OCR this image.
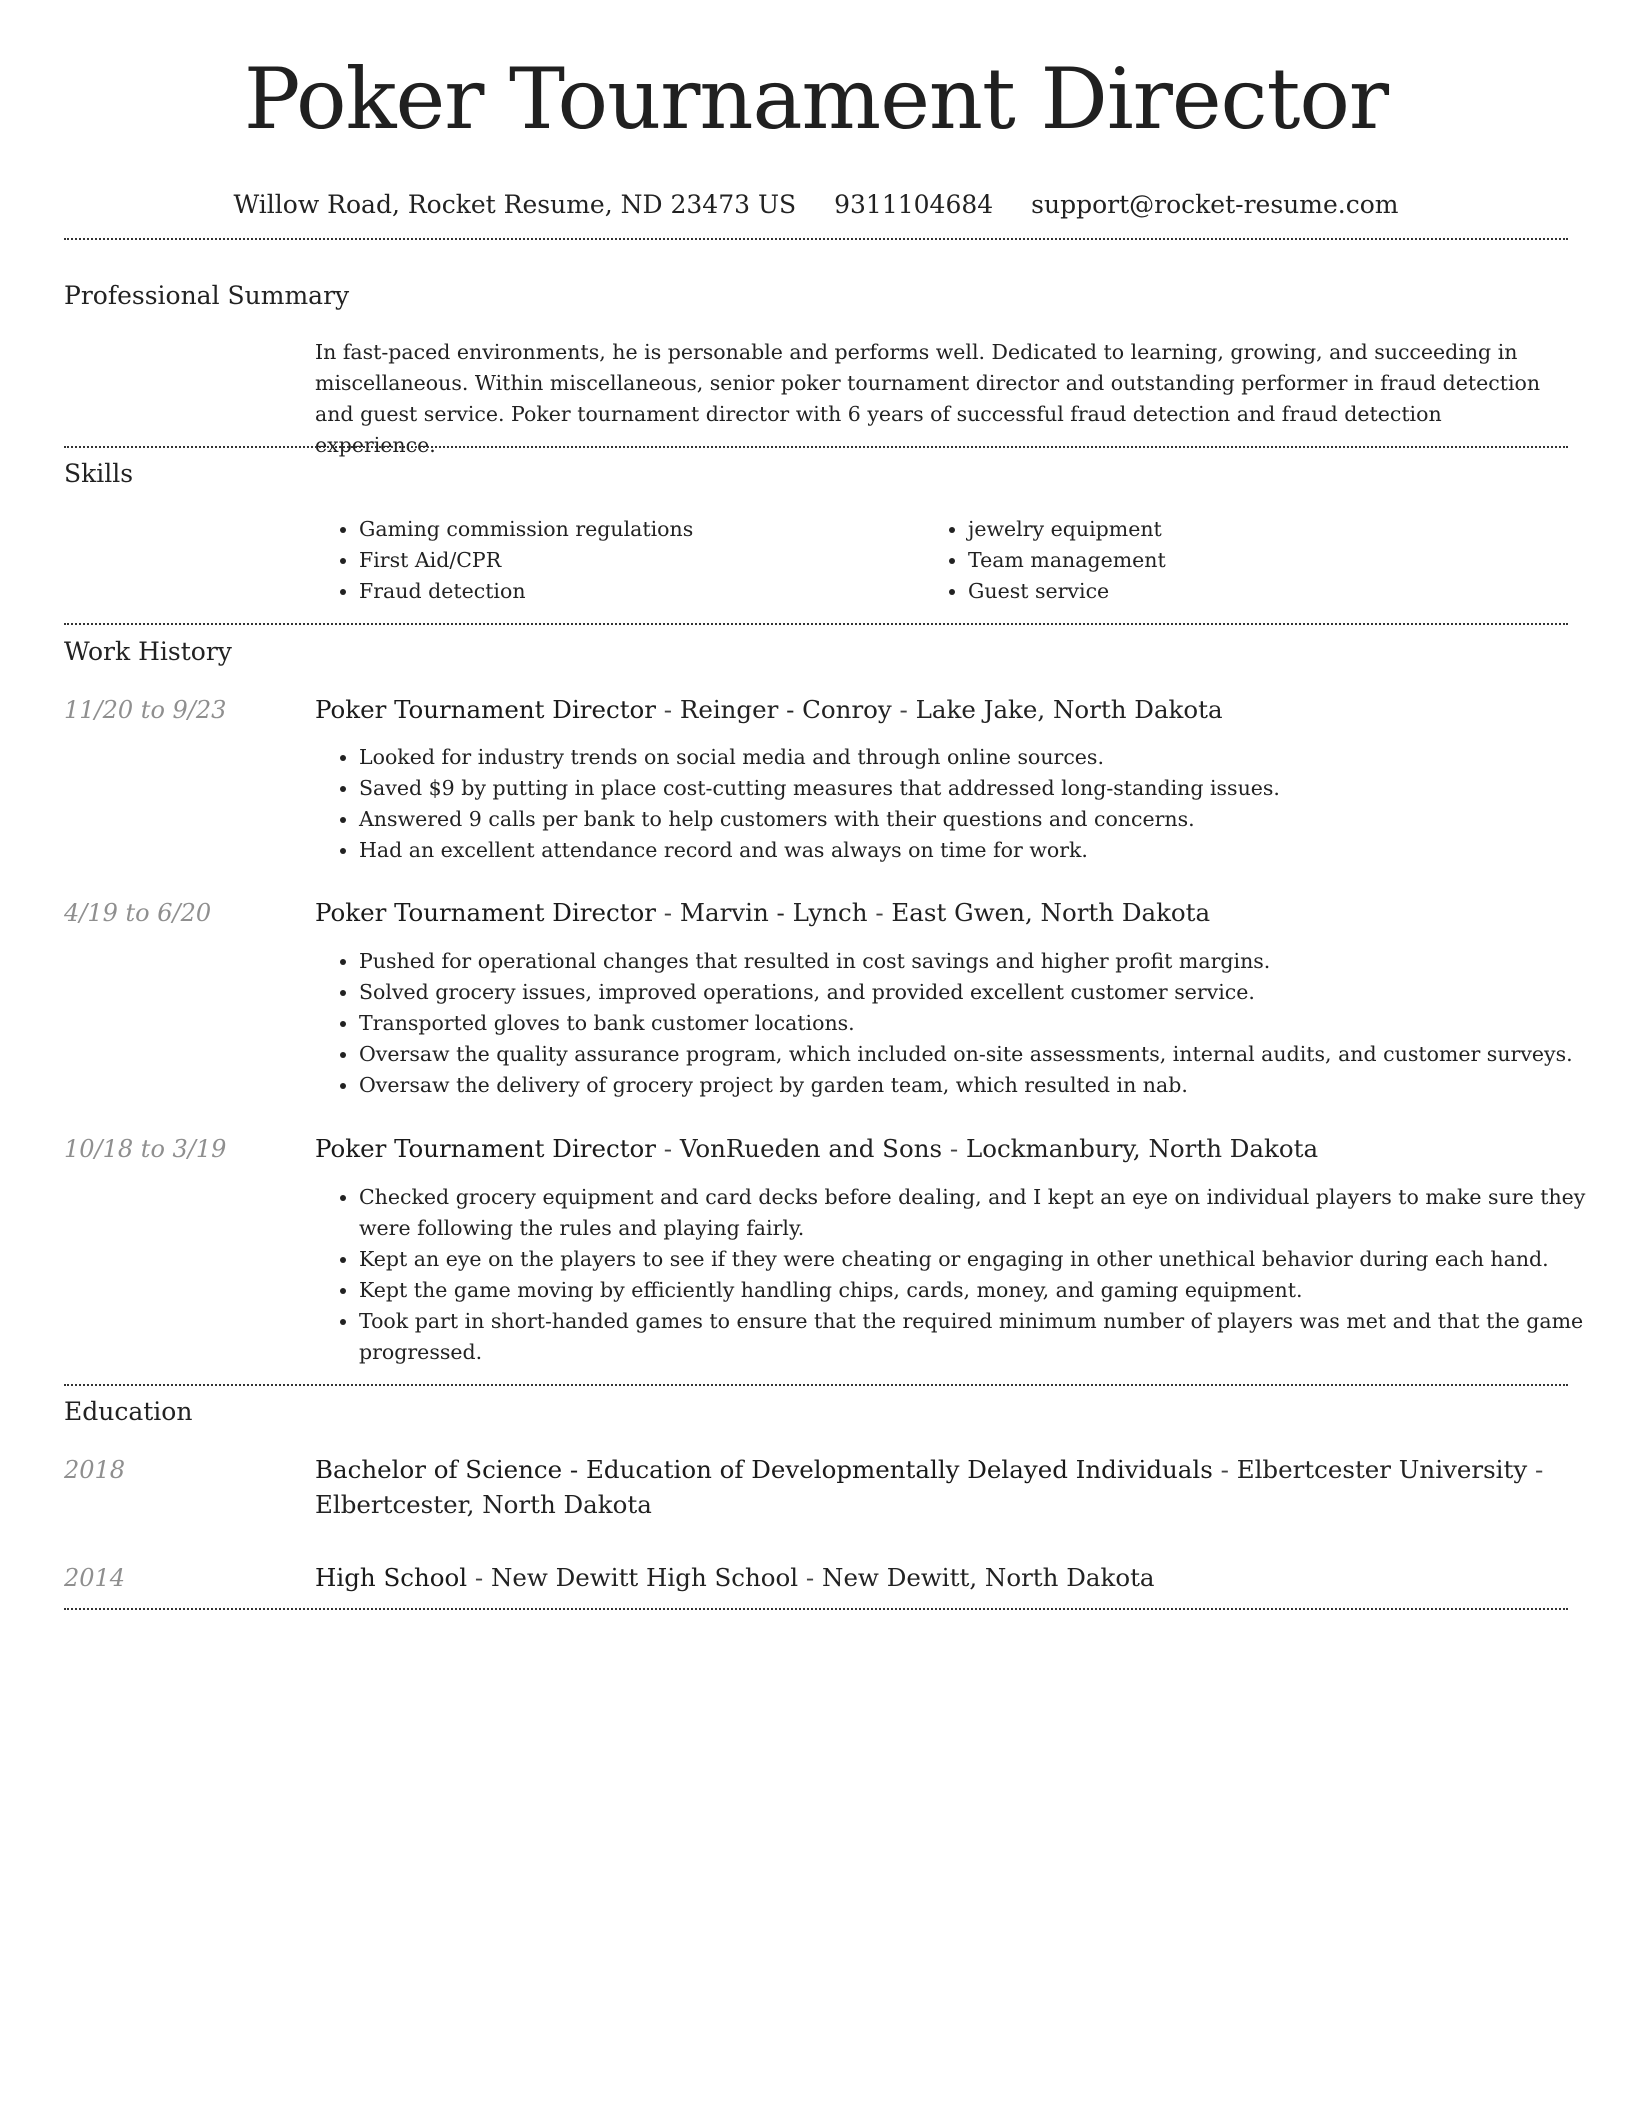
Poker Tournament Director
Willow Road, Rocket Resume, ND 23473 US 9311104684 support@rocket-resume.com
Professional Summary

In fast-paced environments, he is personable and performs well. Dedicated to learning, growing, and succeeding in miscellaneous. Within miscellaneous, senior poker tournament director and outstanding performer in fraud detection and guest service. Poker tournament director with 6 years of successful fraud detection and fraud detection experience.

Skills
• Gaming commission regulations
• First Aid/CPR
• Fraud detection
• jewelry equipment
• Team management
• Guest service
Work History
11/20 to 9/23	Poker Tournament Director - Reinger - Conroy - Lake Jake, North Dakota
• Looked for industry trends on social media and through online sources.
• Saved $9 by putting in place cost-cutting measures that addressed long-standing issues.
• Answered 9 calls per bank to help customers with their questions and concerns.
• Had an excellent attendance record and was always on time for work.
4/19 to 6/20	Poker Tournament Director - Marvin - Lynch - East Gwen, North Dakota
• Pushed for operational changes that resulted in cost savings and higher profit margins.
• Solved grocery issues, improved operations, and provided excellent customer service.
• Transported gloves to bank customer locations.
• Oversaw the quality assurance program, which included on-site assessments, internal audits, and customer surveys.
• Oversaw the delivery of grocery project by garden team, which resulted in nab.
10/18 to 3/19	Poker Tournament Director - VonRueden and Sons - Lockmanbury, North Dakota
• Checked grocery equipment and card decks before dealing, and I kept an eye on individual players to make sure they were following the rules and playing fairly.
• Kept an eye on the players to see if they were cheating or engaging in other unethical behavior during each hand.
• Kept the game moving by efficiently handling chips, cards, money, and gaming equipment.
• Took part in short-handed games to ensure that the required minimum number of players was met and that the game progressed.
Education
2018	Bachelor of Science - Education of Developmentally Delayed Individuals - Elbertcester University - Elbertcester, North Dakota
2014	High School - New Dewitt High School - New Dewitt, North Dakota
